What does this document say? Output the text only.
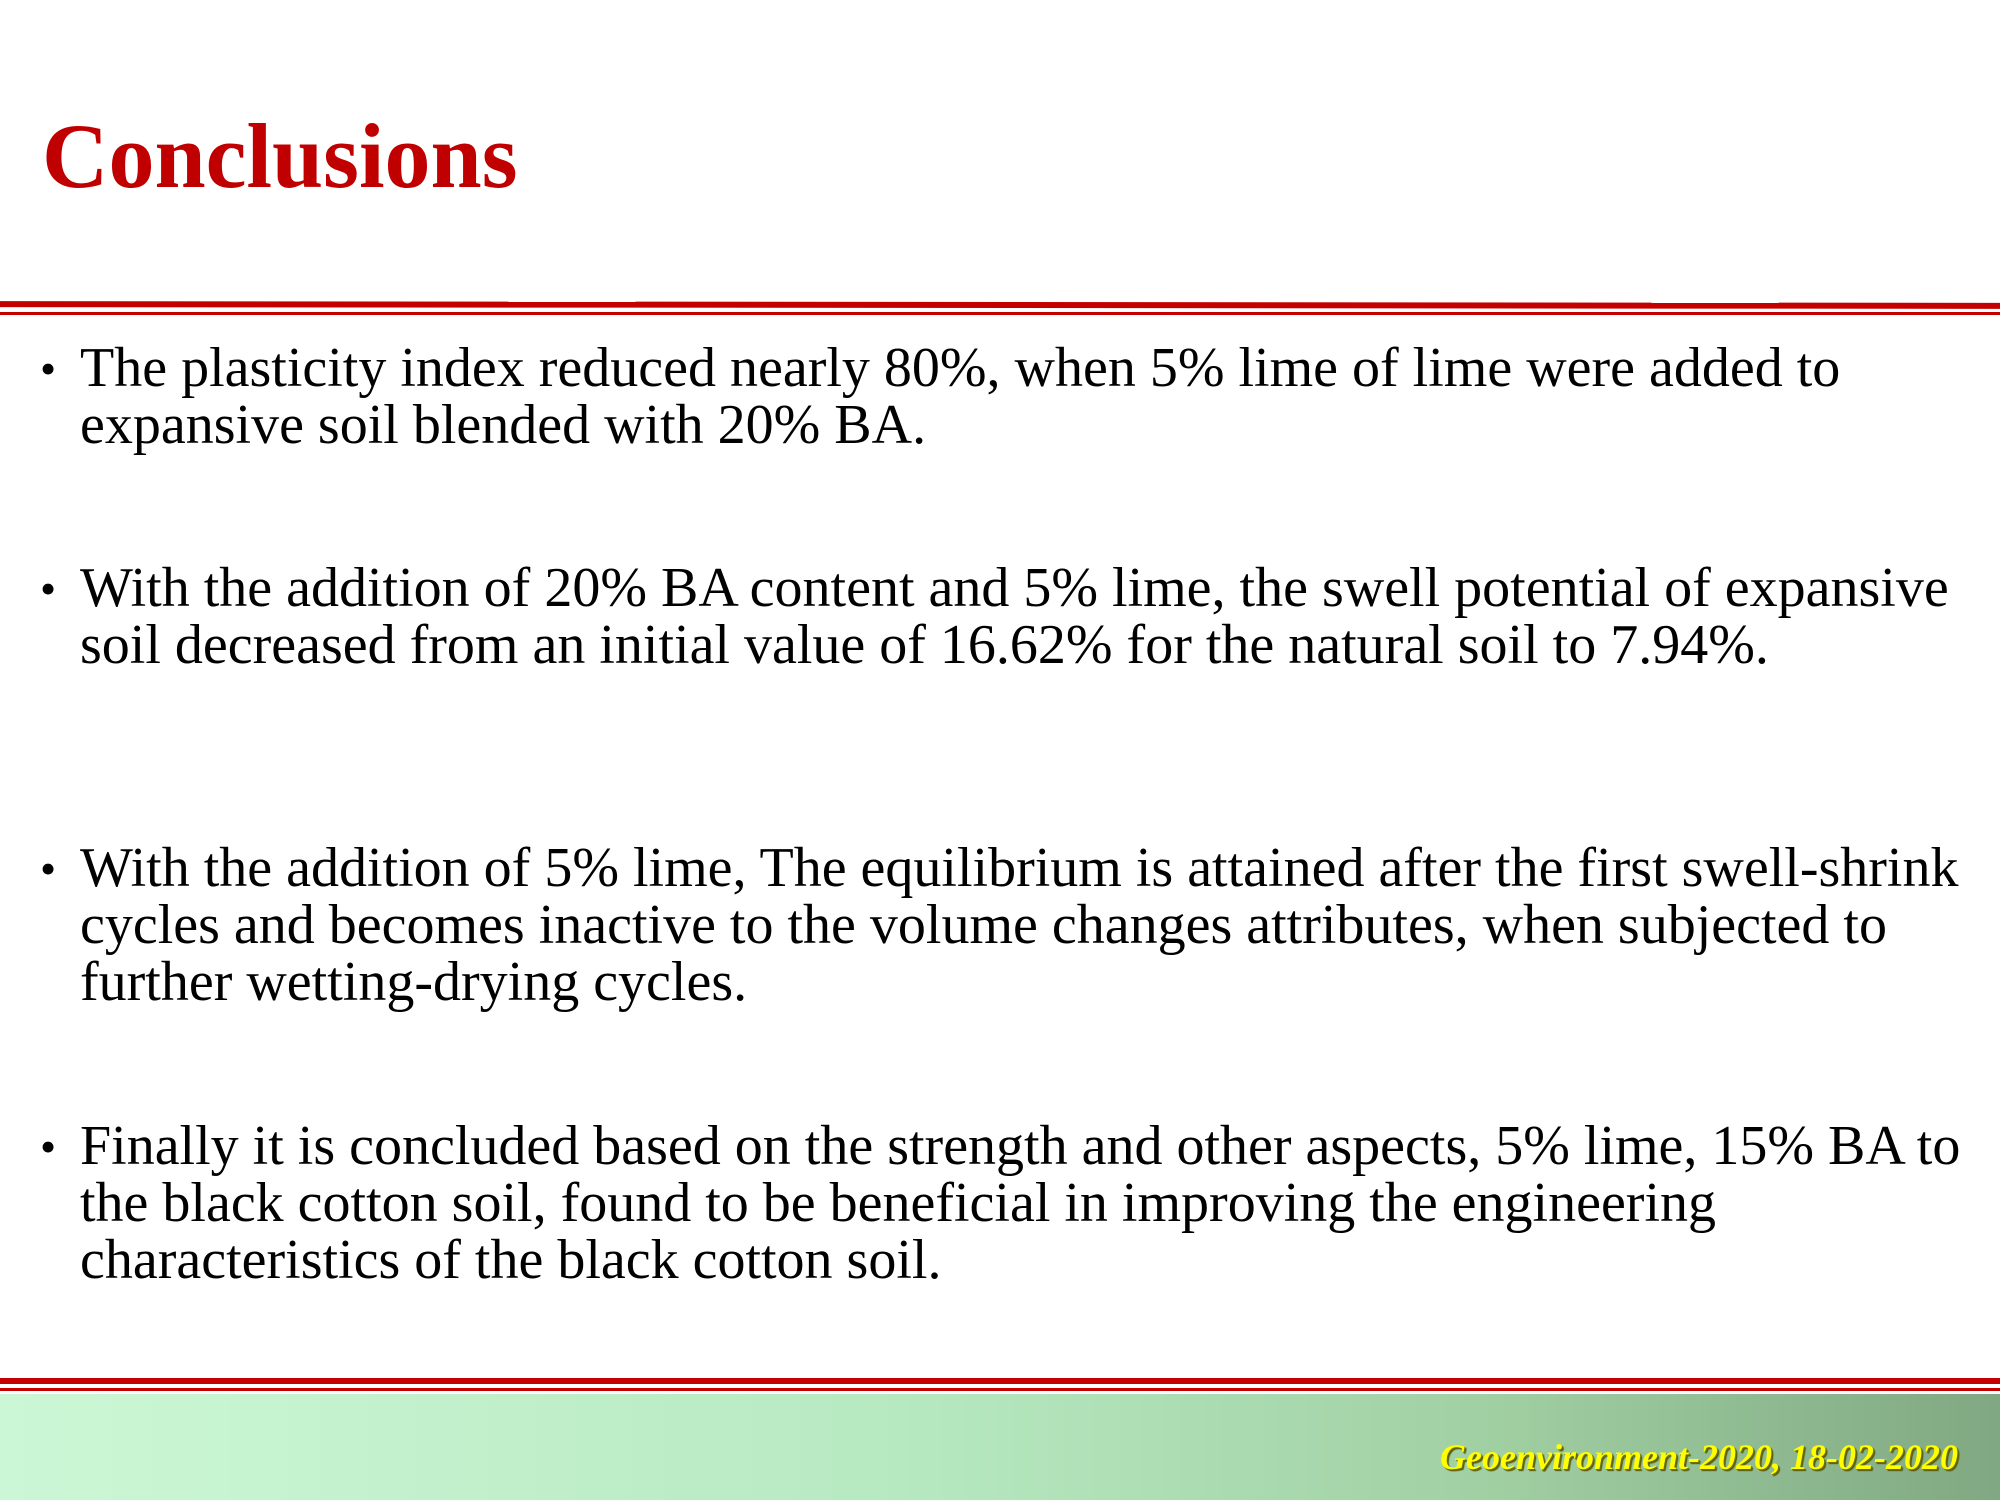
Conclusions
• The plasticity index reduced nearly 80%, when 5% lime of lime were added to expansive soil blended with 20% BA.
• With the addition of 20% BA content and 5% lime, the swell potential of expansive soil decreased from an initial value of 16.62% for the natural soil to 7.94%.
• With the addition of 5% lime, The equilibrium is attained after the first swell-shrink cycles and becomes inactive to the volume changes attributes, when subjected to further wetting-drying cycles.
• Finally it is concluded based on the strength and other aspects, 5% lime, 15% BA to the black cotton soil, found to be beneficial in improving the engineering characteristics of the black cotton soil.
Geoenvironment-2020, 18-02-2020
